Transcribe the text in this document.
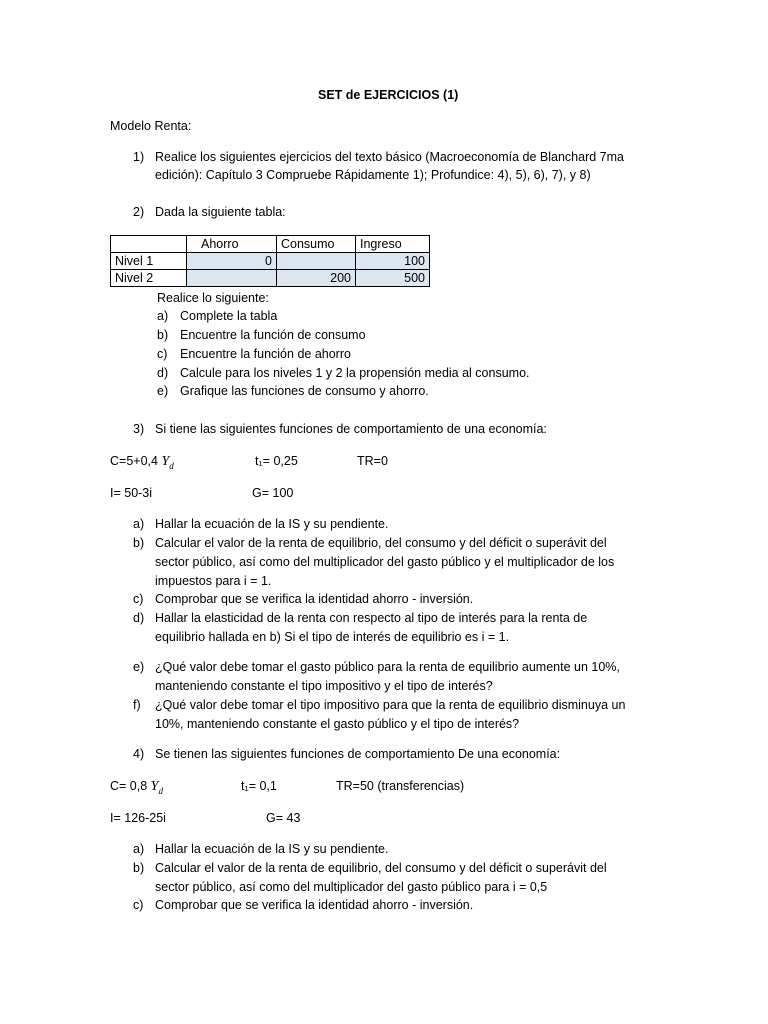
SET de EJERCICIOS (1)
Modelo Renta:
1) Realice los siguientes ejercicios del texto básico (Macroeconomía de Blanchard 7ma
edición): Capítulo 3 Compruebe Rápidamente 1); Profundice: 4), 5), 6), 7), y 8)
2) Dada la siguiente tabla:
	Ahorro	Consumo	Ingreso
Nivel 1	0		100
Nivel 2		200	500
Realice lo siguiente:
a) Complete la tabla
b) Encuentre la función de consumo
c) Encuentre la función de ahorro
d) Calcule para los niveles 1 y 2 la propensión media al consumo.
e) Grafique las funciones de consumo y ahorro.
3) Si tiene las siguientes funciones de comportamiento de una economía:
C=5+0,4 $Y_d$	t₁= 0,25	TR=0
I= 50-3i	G= 100
a) Hallar la ecuación de la IS y su pendiente.
b) Calcular el valor de la renta de equilibrio, del consumo y del déficit o superávit del
sector público, así como del multiplicador del gasto público y el multiplicador de los
impuestos para i = 1.
c) Comprobar que se verifica la identidad ahorro - inversión.
d) Hallar la elasticidad de la renta con respecto al tipo de interés para la renta de
equilibrio hallada en b) Si el tipo de interés de equilibrio es i = 1.
e) ¿Qué valor debe tomar el gasto público para la renta de equilibrio aumente un 10%,
manteniendo constante el tipo impositivo y el tipo de interés?
f) ¿Qué valor debe tomar el tipo impositivo para que la renta de equilibrio disminuya un
10%, manteniendo constante el gasto público y el tipo de interés?
4) Se tienen las siguientes funciones de comportamiento De una economía:
C= 0,8 $Y_d$	t₁= 0,1	TR=50 (transferencias)
I= 126-25i	G= 43
a) Hallar la ecuación de la IS y su pendiente.
b) Calcular el valor de la renta de equilibrio, del consumo y del déficit o superávit del
sector público, así como del multiplicador del gasto público para i = 0,5
c) Comprobar que se verifica la identidad ahorro - inversión.
